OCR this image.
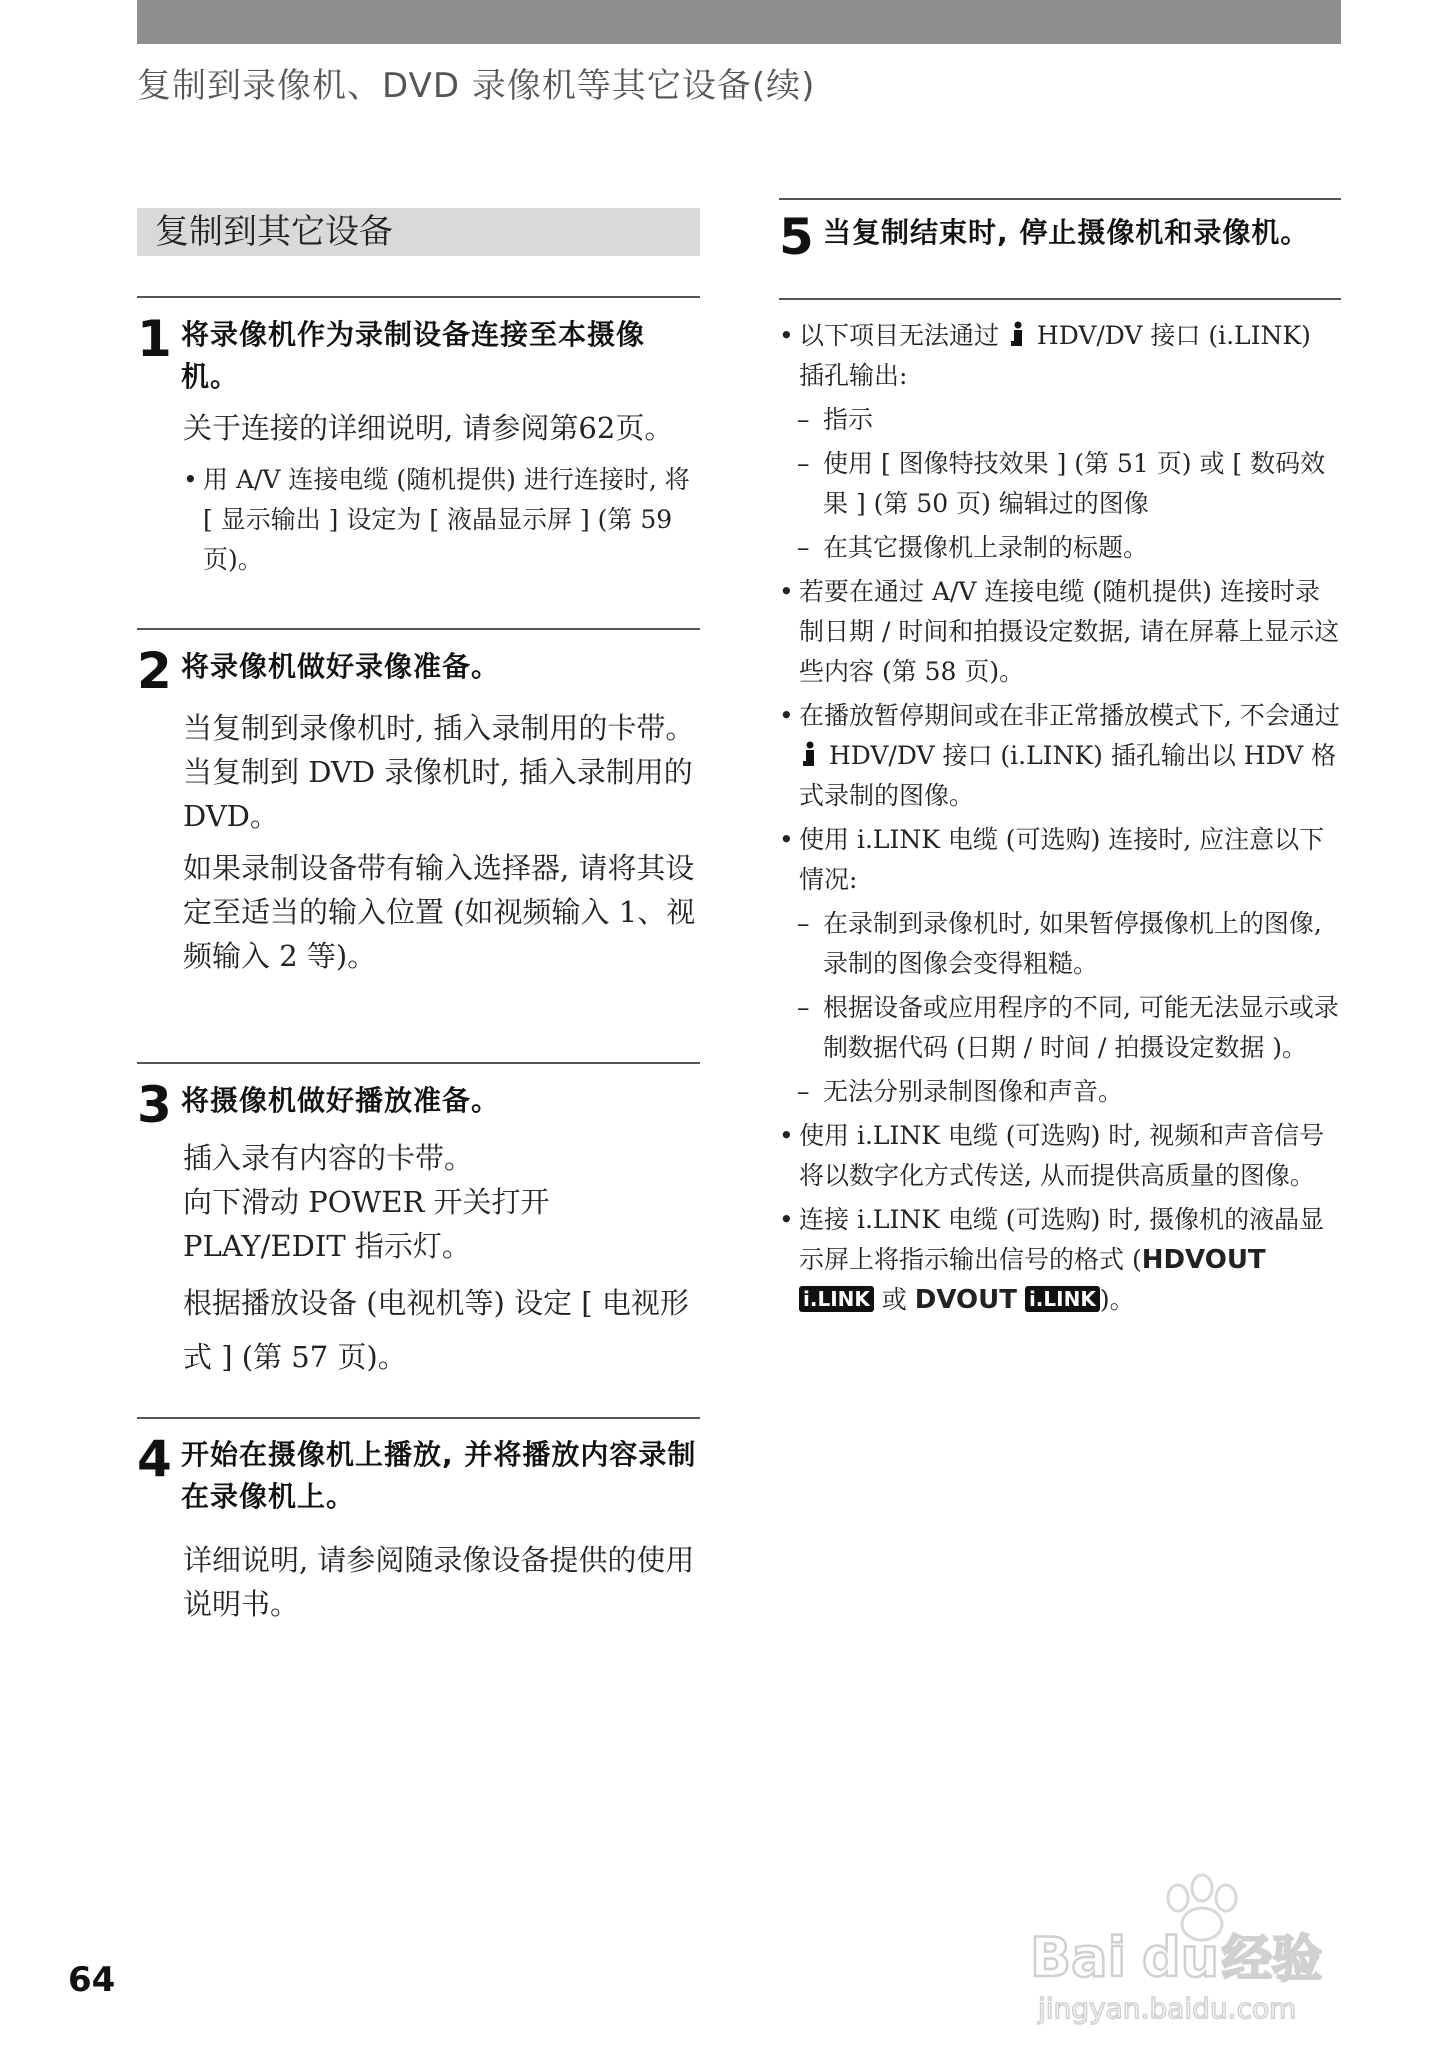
复制到录像机、DVD 录像机等其它设备(续)
复制到其它设备
1 将录像机作为录制设备连接至本摄像机。
关于连接的详细说明, 请参阅第62页。
• 用 A/V 连接电缆 (随机提供) 进行连接时, 将 [ 显示输出 ] 设定为 [ 液晶显示屏 ] (第 59 页)。
2 将录像机做好录像准备。
当复制到录像机时, 插入录制用的卡带。
当复制到 DVD 录像机时, 插入录制用的 DVD。
如果录制设备带有输入选择器, 请将其设定至适当的输入位置 (如视频输入 1、视频输入 2 等)。
3 将摄像机做好播放准备。
插入录有内容的卡带。
向下滑动 POWER 开关打开
PLAY/EDIT 指示灯。
根据播放设备 (电视机等) 设定 [ 电视形式 ] (第 57 页)。
4 开始在摄像机上播放, 并将播放内容录制在录像机上。
详细说明, 请参阅随录像设备提供的使用说明书。
5 当复制结束时, 停止摄像机和录像机。
• 以下项目无法通过 HDV/DV 接口 (i.LINK) 插孔输出:
– 指示
– 使用 [ 图像特技效果 ] (第 51 页) 或 [ 数码效果 ] (第 50 页) 编辑过的图像
– 在其它摄像机上录制的标题。
• 若要在通过 A/V 连接电缆 (随机提供) 连接时录制日期 / 时间和拍摄设定数据, 请在屏幕上显示这些内容 (第 58 页)。
• 在播放暂停期间或在非正常播放模式下, 不会通过  HDV/DV 接口 (i.LINK) 插孔输出以 HDV 格式录制的图像。
• 使用 i.LINK 电缆 (可选购) 连接时, 应注意以下情况:
– 在录制到录像机时, 如果暂停摄像机上的图像, 录制的图像会变得粗糙。
– 根据设备或应用程序的不同, 可能无法显示或录制数据代码 (日期 / 时间 / 拍摄设定数据 )。
– 无法分别录制图像和声音。
• 使用 i.LINK 电缆 (可选购) 时, 视频和声音信号将以数字化方式传送, 从而提供高质量的图像。
• 连接 i.LINK 电缆 (可选购) 时, 摄像机的液晶显示屏上将指示输出信号的格式 (HDVOUT i.LINK 或 DVOUT i.LINK )。
64	Bai du 经验
jingyan.baidu.com
